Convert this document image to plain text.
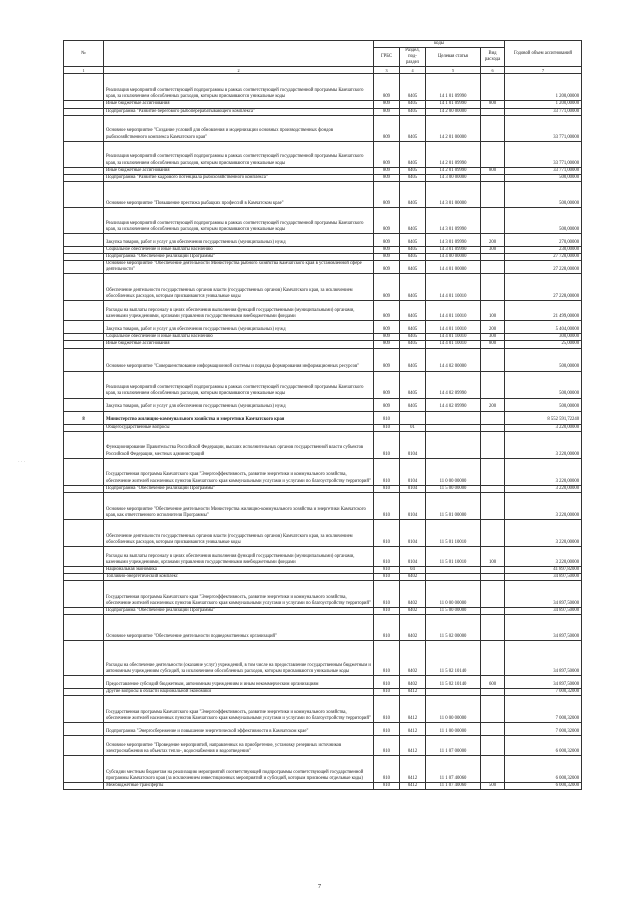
№		коды				Годовой объем ассигнований
		ГРБС	Раздел, под-раздел	Целевая статья	Вид расхода	
1	2	3	4	5	6	7
	Реализация мероприятий соответствующей подпрограммы в рамках соответствующей государственной программы Камчатского края, за исключением обособленных расходов, которым присваиваются уникальные коды	809	0405	14 1 01 09990		1 200,00000
	Иные бюджетные ассигнования	809	0405	14 1 01 09990	800	1 200,00000
	Подпрограмма "Развитие берегового рыбоперерабатывающего комплекса"	809	0405	14 2 00 00000		33 771,00000
	Основное мероприятие "Создание условий для обновления и модернизации основных производственных фондов рыбохозяйственного комплекса Камчатского края"	809	0405	14 2 01 00000		33 771,00000
	Реализация мероприятий соответствующей подпрограммы в рамках соответствующей государственной программы Камчатского края, за исключением обособленных расходов, которым присваиваются уникальные коды	809	0405	14 2 01 09990		33 771,00000
	Иные бюджетные ассигнования	809	0405	14 2 01 09990	800	33 771,00000
	Подпрограмма "Развитие кадрового потенциала рыбохозяйственного комплекса"	809	0405	14 3 00 00000		500,00000
	Основное мероприятие "Повышение престижа рыбацких профессий в Камчатском крае"	809	0405	14 3 01 00000		500,00000
	Реализация мероприятий соответствующей подпрограммы в рамках соответствующей государственной программы Камчатского края, за исключением обособленных расходов, которым присваиваются уникальные коды	809	0405	14 3 01 09990		500,00000
	Закупка товаров, работ и услуг для обеспечения государственных (муниципальных) нужд	809	0405	14 3 01 09990	200	270,00000
	Социальное обеспечение и иные выплаты населению	809	0405	14 3 01 09990	300	230,00000
	Подпрограмма "Обеспечение реализации Программы"	809	0405	14 4 00 00000		27 728,00000
	Основное мероприятие "Обеспечение деятельности Министерства рыбного хозяйства Камчатского края в установленной сфере деятельности"	809	0405	14 4 01 00000		27 228,00000
	Обеспечение деятельности государственных органов власти (государственных органов) Камчатского края, за исключением обособленных расходов, которым присваиваются уникальные коды	809	0405	14 4 01 10010		27 228,00000
	Расходы на выплаты персоналу в целях обеспечения выполнения функций государственными (муниципальными) органами, казенными учреждениями, органами управления государственными внебюджетными фондами	809	0405	14 4 01 10010	100	21 499,00000
	Закупка товаров, работ и услуг для обеспечения государственных (муниципальных) нужд	809	0405	14 4 01 10010	200	5 404,00000
	Социальное обеспечение и иные выплаты населению	809	0405	14 4 01 10010	300	300,00000
	Иные бюджетные ассигнования	809	0405	14 4 01 10010	800	25,00000
	Основное мероприятие "Совершенствование информационной системы и порядка формирования информационных ресурсов"	809	0405	14 4 02 00000		500,00000
	Реализация мероприятий соответствующей подпрограммы в рамках соответствующей государственной программы Камчатского края, за исключением обособленных расходов, которым присваиваются уникальные коды	809	0405	14 4 02 09990		500,00000
	Закупка товаров, работ и услуг для обеспечения государственных (муниципальных) нужд	809	0405	14 4 02 09990	200	500,00000
8	Министерство жилищно-коммунального хозяйства и энергетики Камчатского края	810				8 552 591,72240
	Общегосударственные вопросы	810	01			3 220,00000
	Функционирование Правительства Российской Федерации, высших исполнительных органов государственной власти субъектов Российской Федерации, местных администраций	810	0104			3 220,00000
	Государственная программа Камчатского края "Энергоэффективность, развитие энергетики и коммунального хозяйства, обеспечение жителей населенных пунктов Камчатского края коммунальными услугами и услугами по благоустройству территорий"	810	0104	11 0 00 00000		3 220,00000
	Подпрограмма "Обеспечение реализации Программы"	810	0104	11 5 00 00000		3 220,00000
	Основное мероприятие "Обеспечение деятельности Министерства жилищно-коммунального хозяйства и энергетики Камчатского края, как ответственного исполнителя Программы"	810	0104	11 5 01 00000		3 220,00000
	Обеспечение деятельности государственных органов власти (государственных органов) Камчатского края, за исключением обособленных расходов, которым присваиваются уникальные коды	810	0104	11 5 01 10010		3 220,00000
	Расходы на выплаты персоналу в целях обеспечения выполнения функций государственными (муниципальными) органами, казенными учреждениями, органами управления государственными внебюджетными фондами	810	0104	11 5 01 10010	100	3 220,00000
	Национальная экономика	810	04			41 897,82000
	Топливно-энергетический комплекс	810	0402			34 897,50000
	Государственная программа Камчатского края "Энергоэффективность, развитие энергетики и коммунального хозяйства, обеспечение жителей населенных пунктов Камчатского края коммунальными услугами и услугами по благоустройству территорий"	810	0402	11 0 00 00000		34 897,50000
	Подпрограмма "Обеспечение реализации Программы"	810	0402	11 5 00 00000		34 897,50000
	Основное мероприятие "Обеспечение деятельности подведомственных организаций"	810	0402	11 5 02 00000		34 897,50000
	Расходы на обеспечение деятельности (оказание услуг) учреждений, в том числе на предоставление государственным бюджетным и автономным учреждениям субсидий, за исключением обособленных расходов, которым присваиваются уникальные коды	810	0402	11 5 02 10140		34 897,50000
	Предоставление субсидий бюджетным, автономным учреждениям и иным некоммерческим организациям	810	0402	11 5 02 10140	600	34 897,50000
	Другие вопросы в области национальной экономики	810	0412			7 000,32000
	Государственная программа Камчатского края "Энергоэффективность, развитие энергетики и коммунального хозяйства, обеспечение жителей населенных пунктов Камчатского края коммунальными услугами и услугами по благоустройству территорий"	810	0412	11 0 00 00000		7 000,32000
	Подпрограмма "Энергосбережение и повышение энергетической эффективности в Камчатском крае"	810	0412	11 1 00 00000		7 000,32000
	Основное мероприятие "Проведение мероприятий, направленных на приобретение, установку резервных источников электроснабжения на объектах тепло-, водоснабжения и водоотведения"	810	0412	11 1 07 00000		6 000,32000
	Субсидии местным бюджетам на реализацию мероприятий соответствующей подпрограммы соответствующей государственной программы Камчатского края (за исключением инвестиционных мероприятий и субсидий, которым присвоены отдельные коды)	810	0412	11 1 07 40060		6 000,32000
	Межбюджетные трансферты	810	0412	11 1 07 40060	500	6 000,32000
· · ·
7
